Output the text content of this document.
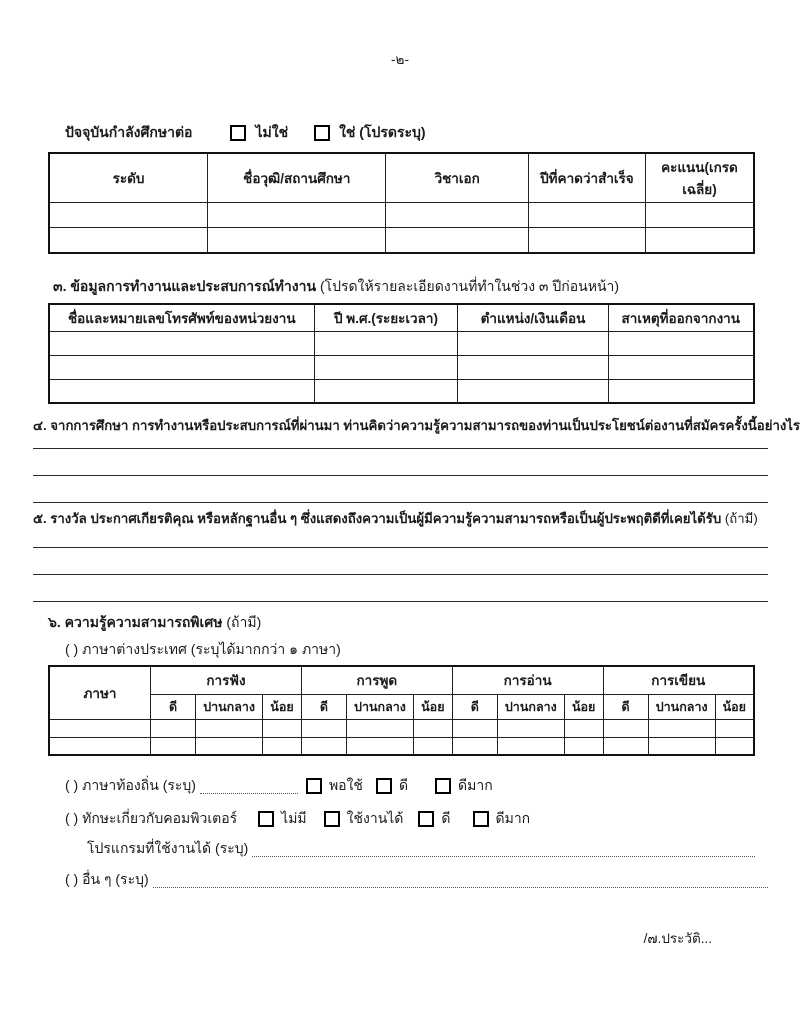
-๒-
ปัจจุบันกำลังศึกษาต่อ	ไม่ใช่	ใช่ (โปรดระบุ)
ระดับ	ชื่อวุฒิ/สถานศึกษา	วิชาเอก	ปีที่คาดว่าสำเร็จ	คะแนน(เกรดเฉลี่ย)

๓. ข้อมูลการทำงานและประสบการณ์ทำงาน (โปรดให้รายละเอียดงานที่ทำในช่วง ๓ ปีก่อนหน้า)
ชื่อและหมายเลขโทรศัพท์ของหน่วยงาน	ปี พ.ศ.(ระยะเวลา)	ตำแหน่ง/เงินเดือน	สาเหตุที่ออกจากงาน

๔. จากการศึกษา การทำงานหรือประสบการณ์ที่ผ่านมา ท่านคิดว่าความรู้ความสามารถของท่านเป็นประโยชน์ต่องานที่สมัครครั้งนี้อย่างไร
๕. รางวัล ประกาศเกียรติคุณ หรือหลักฐานอื่น ๆ ซึ่งแสดงถึงความเป็นผู้มีความรู้ความสามารถหรือเป็นผู้ประพฤติดีที่เคยได้รับ (ถ้ามี)
๖. ความรู้ความสามารถพิเศษ (ถ้ามี)
( ) ภาษาต่างประเทศ (ระบุได้มากกว่า ๑ ภาษา)
ภาษา	การฟัง			การพูด			การอ่าน			การเขียน		
	ดี	ปานกลาง	น้อย	ดี	ปานกลาง	น้อย	ดี	ปานกลาง	น้อย	ดี	ปานกลาง	น้อย

( ) ภาษาท้องถิ่น (ระบุ)	พอใช้	ดี	ดีมาก
( ) ทักษะเกี่ยวกับคอมพิวเตอร์	ไม่มี	ใช้งานได้	ดี	ดีมาก
โปรแกรมที่ใช้งานได้ (ระบุ)
( ) อื่น ๆ (ระบุ)
/๗.ประวัติ...
